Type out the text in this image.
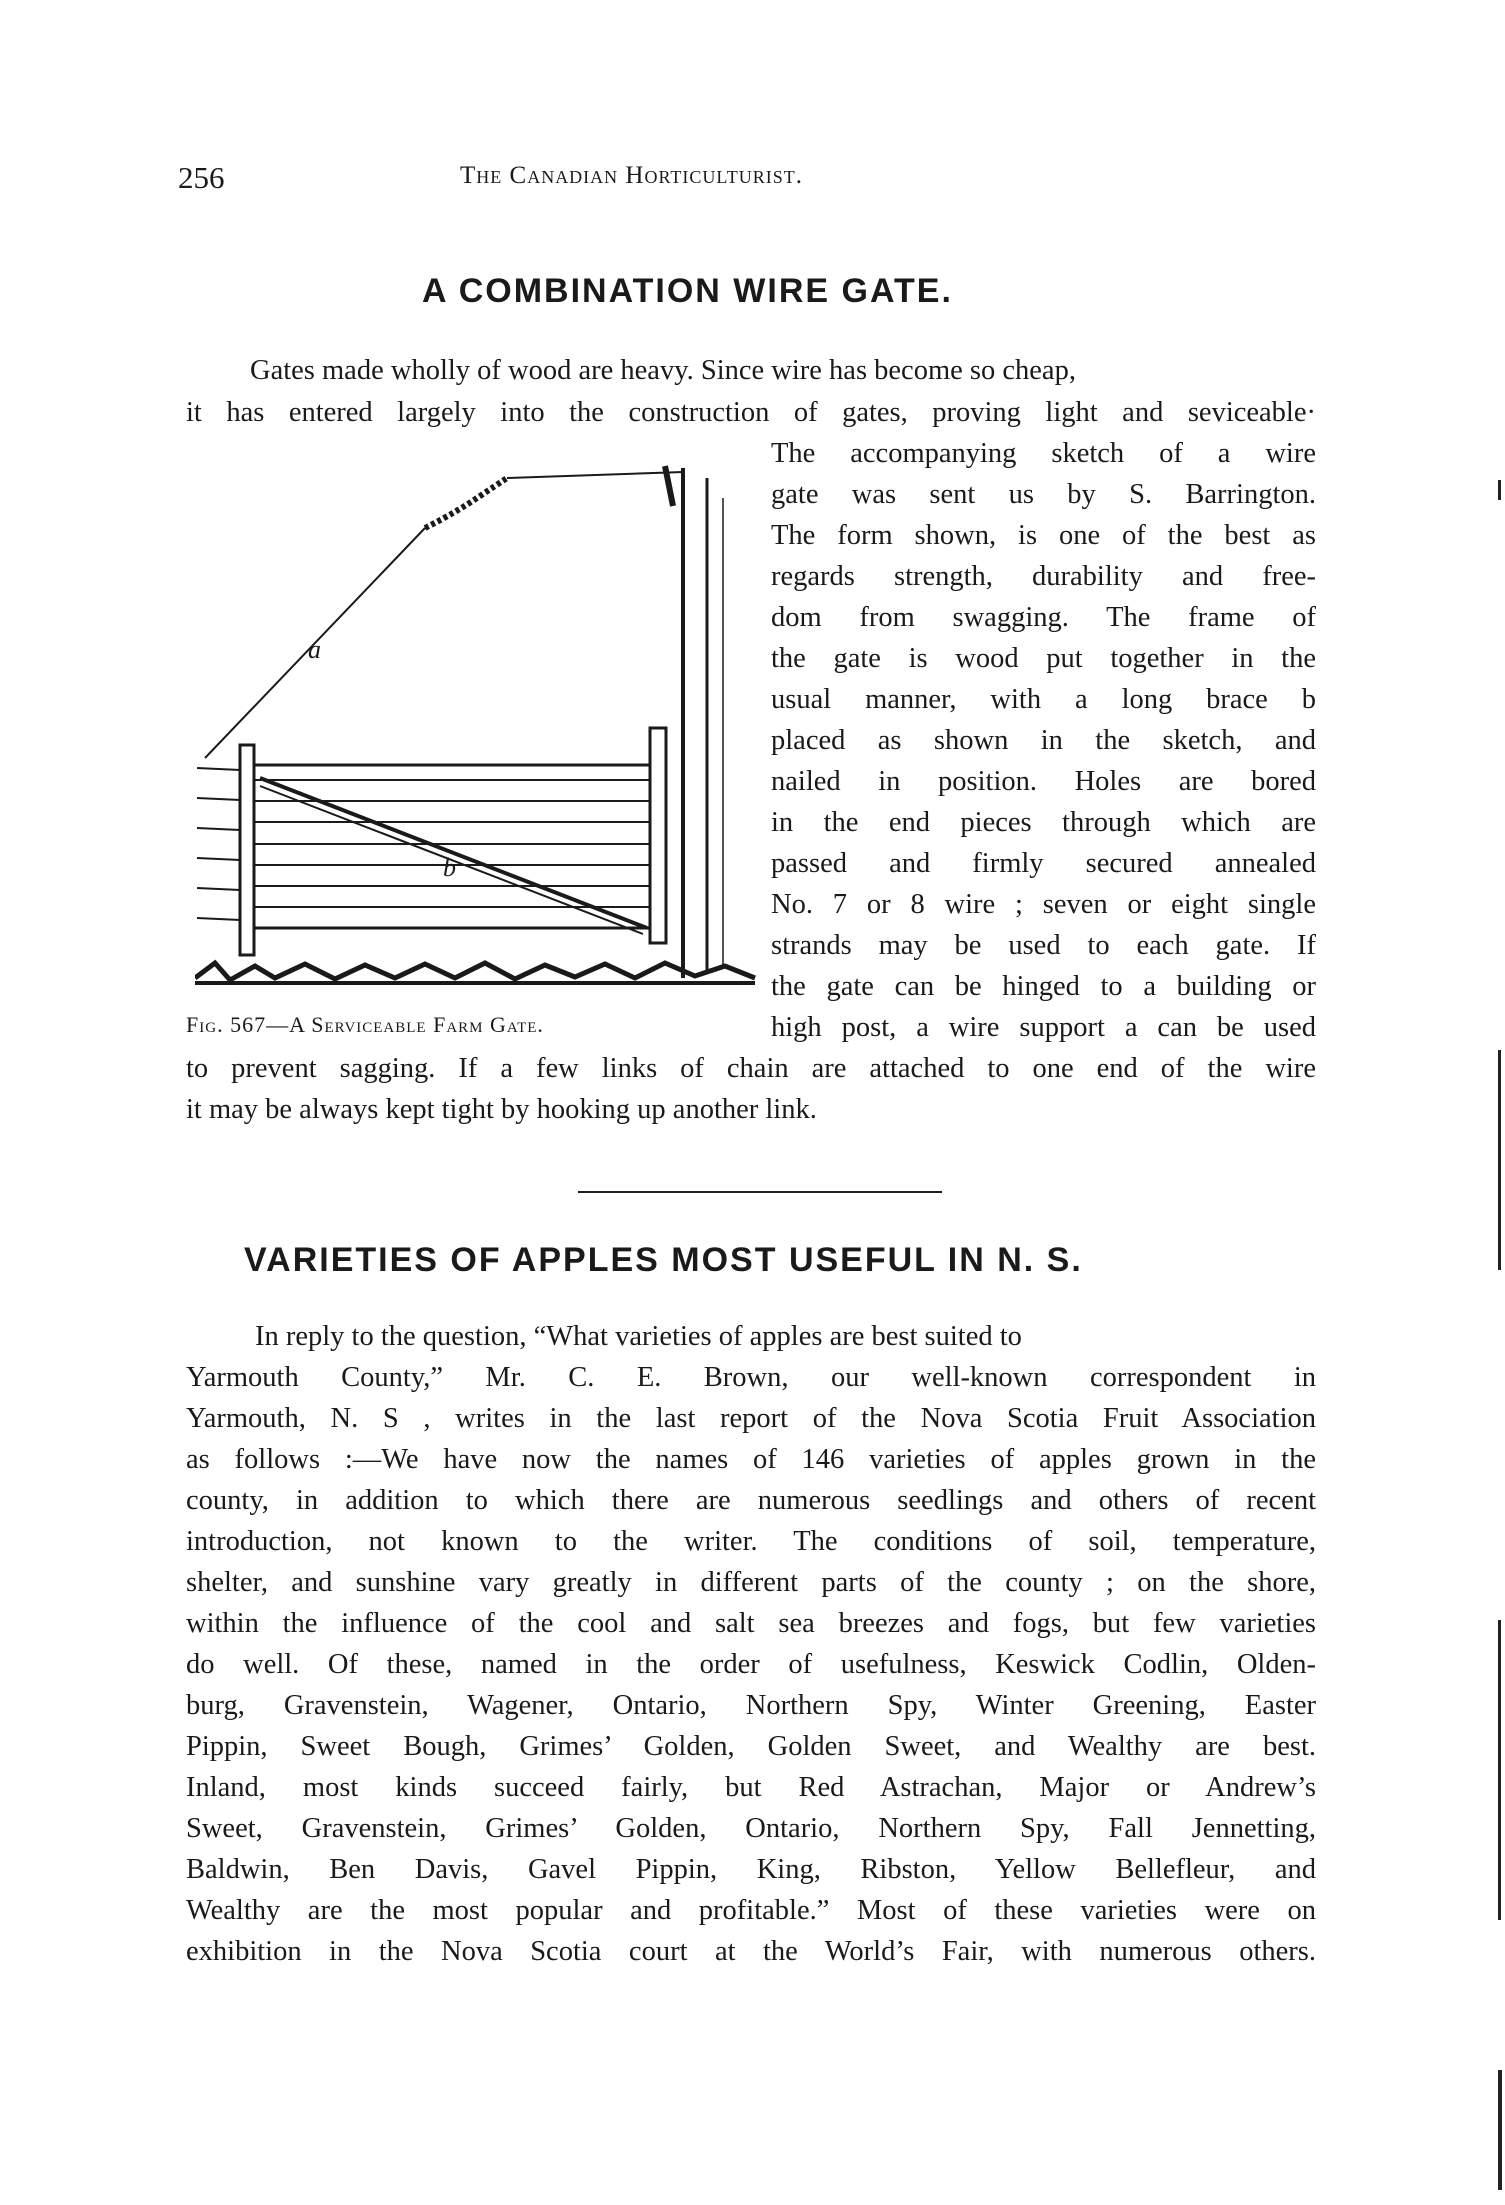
256	The Canadian Horticulturist.
A COMBINATION WIRE GATE.
Gates made wholly of wood are heavy. Since wire has become so cheap,
it has entered largely into the construction of gates, proving light and seviceable·
The accompanying sketch of a wire
gate was sent us by S. Barrington.
The form shown, is one of the best as
regards strength, durability and free-
dom from swagging. The frame of
the gate is wood put together in the
usual manner, with a long brace b
placed as shown in the sketch, and
nailed in position. Holes are bored
in the end pieces through which are
passed and firmly secured annealed
No. 7 or 8 wire ; seven or eight single
strands may be used to each gate. If
the gate can be hinged to a building or
high post, a wire support a can be used
to prevent sagging. If a few links of chain are attached to one end of the wire
it may be always kept tight by hooking up another link.
a
b
Fig. 567—A Serviceable Farm Gate.
VARIETIES OF APPLES MOST USEFUL IN N. S.
In reply to the question, “What varieties of apples are best suited to
Yarmouth County,” Mr. C. E. Brown, our well-known correspondent in
Yarmouth, N. S , writes in the last report of the Nova Scotia Fruit Association
as follows :—We have now the names of 146 varieties of apples grown in the
county, in addition to which there are numerous seedlings and others of recent
introduction, not known to the writer. The conditions of soil, temperature,
shelter, and sunshine vary greatly in different parts of the county ; on the shore,
within the influence of the cool and salt sea breezes and fogs, but few varieties
do well. Of these, named in the order of usefulness, Keswick Codlin, Olden-
burg, Gravenstein, Wagener, Ontario, Northern Spy, Winter Greening, Easter
Pippin, Sweet Bough, Grimes’ Golden, Golden Sweet, and Wealthy are best.
Inland, most kinds succeed fairly, but Red Astrachan, Major or Andrew’s
Sweet, Gravenstein, Grimes’ Golden, Ontario, Northern Spy, Fall Jennetting,
Baldwin, Ben Davis, Gavel Pippin, King, Ribston, Yellow Bellefleur, and
Wealthy are the most popular and profitable.” Most of these varieties were on
exhibition in the Nova Scotia court at the World’s Fair, with numerous others.
